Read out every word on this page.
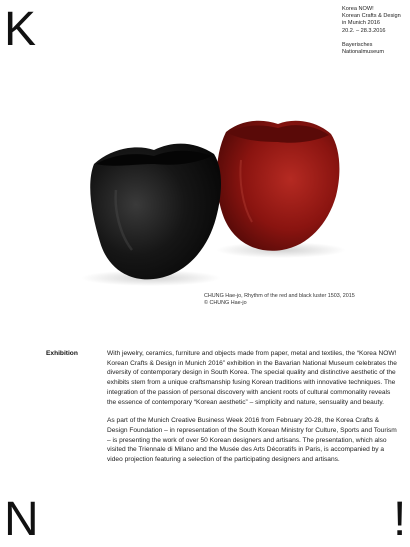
K
N	!
Korea NOW!
Korean Crafts & Design
in Munich 2016
20.2. – 28.3.2016
Bayerisches
Nationalmuseum
CHUNG Hae-jo, Rhythm of the red and black luster 1503, 2015
© CHUNG Hae-jo
Exhibition	With jewelry, ceramics, furniture and objects made from paper, metal and textiles, the “Korea NOW! Korean Crafts & Design in Munich 2016” exhibition in the Bavarian National Museum celebrates the diversity of contemporary design in South Korea. The special quality and distinctive aesthetic of the exhibits stem from a unique craftsmanship fusing Korean traditions with innovative techniques. The integration of the passion of personal discovery with ancient roots of cultural commonality reveals the essence of contemporary “Korean aesthetic” – simplicity and nature, sensuality and beauty.

As part of the Munich Creative Business Week 2016 from February 20-28, the Korea Crafts & Design Foundation – in representation of the South Korean Ministry for Culture, Sports and Tourism – is presenting the work of over 50 Korean designers and artisans. The presentation, which also visited the Triennale di Milano and the Musée des Arts Décoratifs in Paris, is accompanied by a video projection featuring a selection of the participating designers and artisans.
